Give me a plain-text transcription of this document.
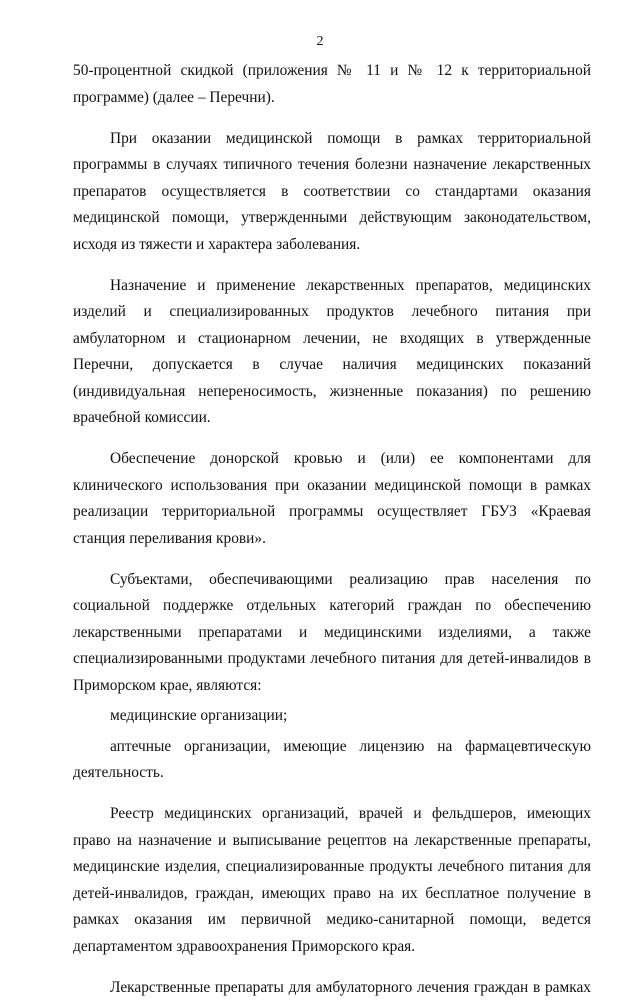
2

50-процентной скидкой (приложения № 11 и № 12 к территориальной программе) (далее – Перечни).

При оказании медицинской помощи в рамках территориальной программы в случаях типичного течения болезни назначение лекарственных препаратов осуществляется в соответствии со стандартами оказания медицинской помощи, утвержденными действующим законодательством, исходя из тяжести и характера заболевания.

Назначение и применение лекарственных препаратов, медицинских изделий и специализированных продуктов лечебного питания при амбулаторном и стационарном лечении, не входящих в утвержденные Перечни, допускается в случае наличия медицинских показаний (индивидуальная непереносимость, жизненные показания) по решению врачебной комиссии.

Обеспечение донорской кровью и (или) ее компонентами для клинического использования при оказании медицинской помощи в рамках реализации территориальной программы осуществляет ГБУЗ «Краевая станция переливания крови».

Субъектами, обеспечивающими реализацию прав населения по социальной поддержке отдельных категорий граждан по обеспечению лекарственными препаратами и медицинскими изделиями, а также специализированными продуктами лечебного питания для детей-инвалидов в Приморском крае, являются:

медицинские организации;

аптечные организации, имеющие лицензию на фармацевтическую деятельность.

Реестр медицинских организаций, врачей и фельдшеров, имеющих право на назначение и выписывание рецептов на лекарственные препараты, медицинские изделия, специализированные продукты лечебного питания для детей-инвалидов, граждан, имеющих право на их бесплатное получение в рамках оказания им первичной медико-санитарной помощи, ведется департаментом здравоохранения Приморского края.

Лекарственные препараты для амбулаторного лечения граждан в рамках
